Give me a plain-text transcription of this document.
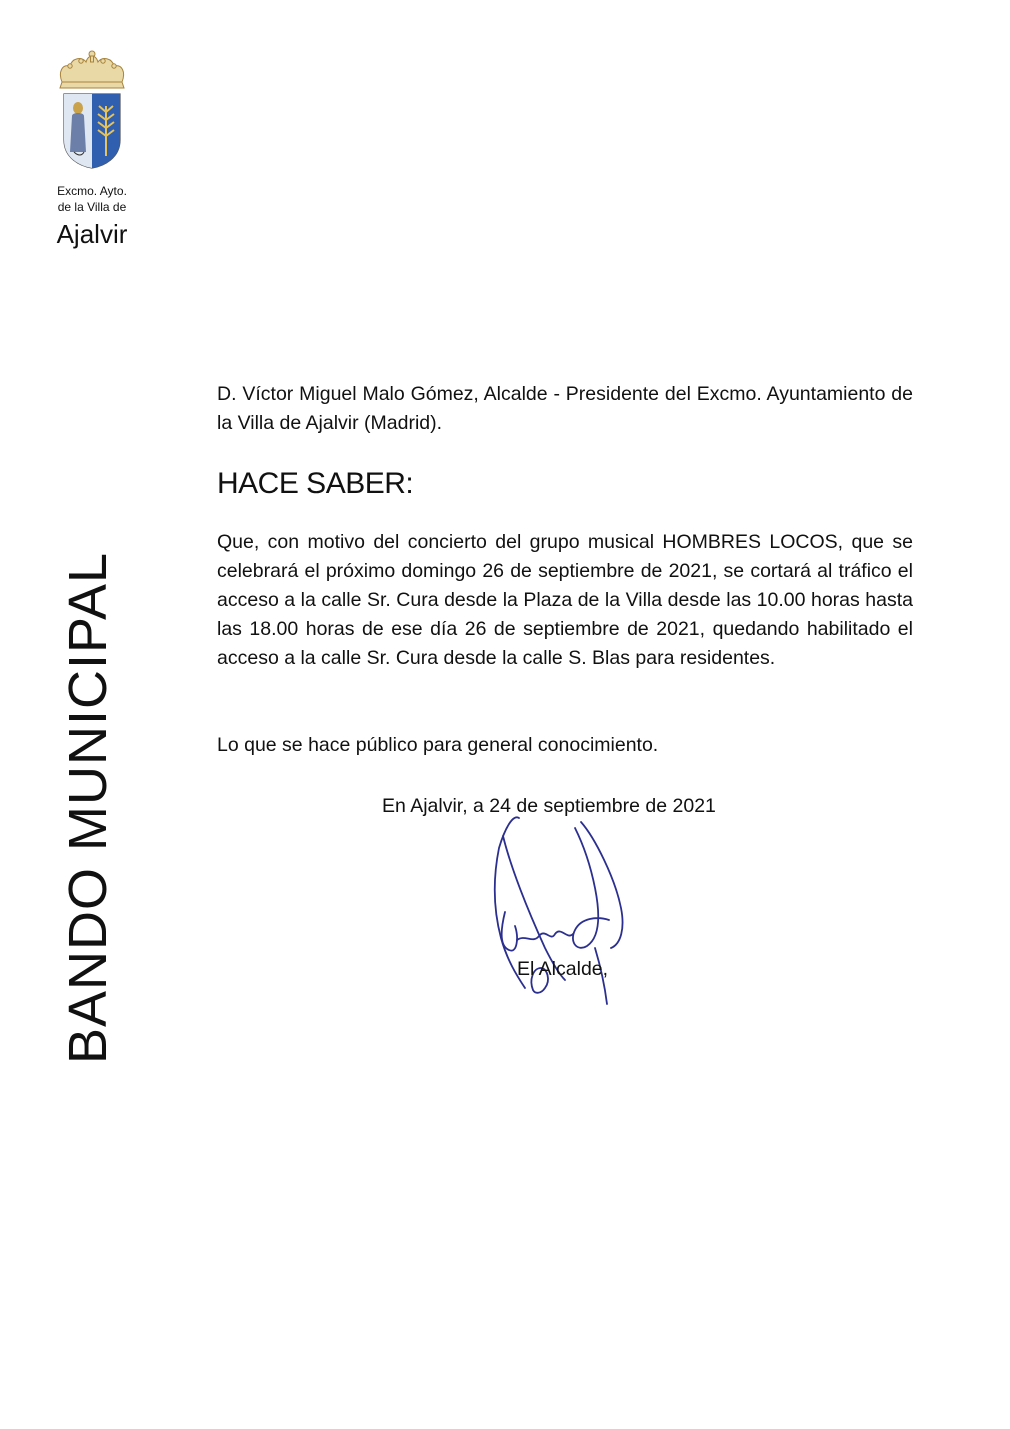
Excmo. Ayto.
de la Villa de
Ajalvir
BANDO MUNICIPAL
D. Víctor Miguel Malo Gómez, Alcalde - Presidente del Excmo. Ayuntamiento de la Villa de Ajalvir (Madrid).
HACE SABER:
Que, con motivo del concierto del grupo musical HOMBRES LOCOS, que se celebrará el próximo domingo 26 de septiembre de 2021, se cortará al tráfico el acceso a la calle Sr. Cura desde la Plaza de la Villa desde las 10.00 horas hasta las 18.00 horas de ese día 26 de septiembre de 2021, quedando habilitado el acceso a la calle Sr. Cura desde la calle S. Blas para residentes.
Lo que se hace público para general conocimiento.
En Ajalvir, a 24 de septiembre de 2021
El Alcalde,
